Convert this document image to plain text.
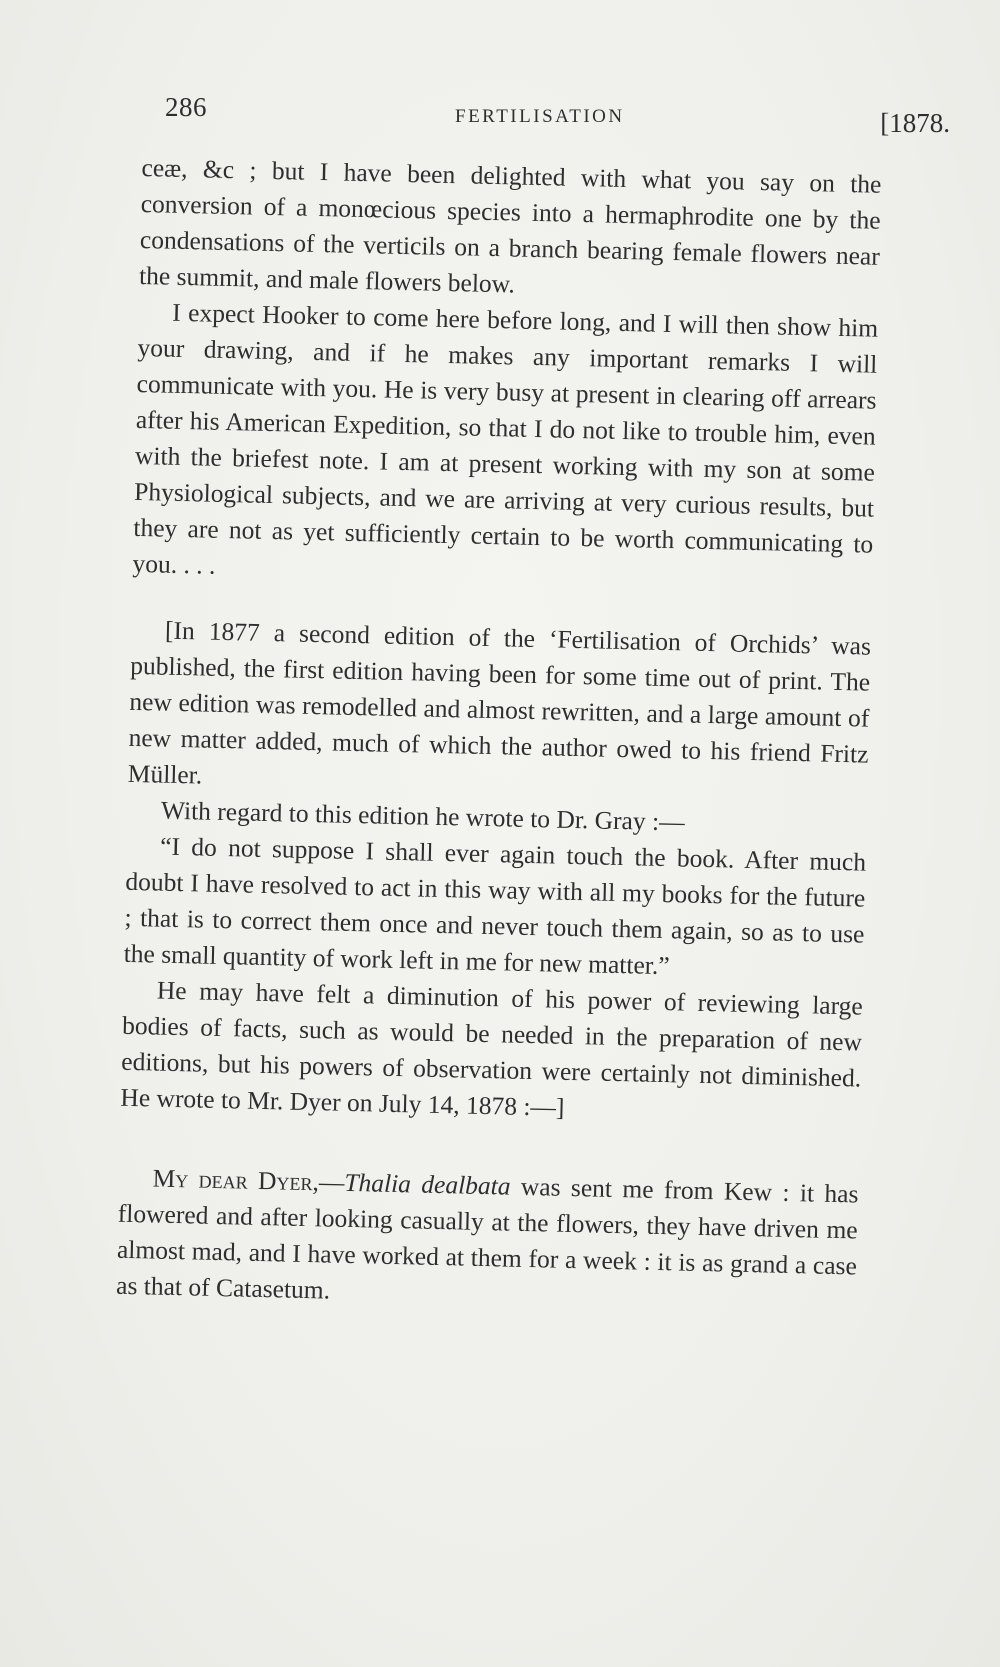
286	FERTILISATION	[1878.

ceæ, &c ; but I have been delighted with what you say on the conversion of a monœcious species into a hermaphrodite one by the condensations of the verticils on a branch bearing female flowers near the summit, and male flowers below.

I expect Hooker to come here before long, and I will then show him your drawing, and if he makes any important remarks I will communicate with you. He is very busy at present in clearing off arrears after his American Expedition, so that I do not like to trouble him, even with the briefest note. I am at present working with my son at some Physiological subjects, and we are arriving at very curious results, but they are not as yet sufficiently certain to be worth communicating to you. . . .

[In 1877 a second edition of the ‘Fertilisation of Orchids’ was published, the first edition having been for some time out of print. The new edition was remodelled and almost rewritten, and a large amount of new matter added, much of which the author owed to his friend Fritz Müller.

With regard to this edition he wrote to Dr. Gray :—

“I do not suppose I shall ever again touch the book. After much doubt I have resolved to act in this way with all my books for the future ; that is to correct them once and never touch them again, so as to use the small quantity of work left in me for new matter.”

He may have felt a diminution of his power of reviewing large bodies of facts, such as would be needed in the preparation of new editions, but his powers of observation were certainly not diminished. He wrote to Mr. Dyer on July 14, 1878 :—]

My dear Dyer,—Thalia dealbata was sent me from Kew : it has flowered and after looking casually at the flowers, they have driven me almost mad, and I have worked at them for a week : it is as grand a case as that of Catasetum.
